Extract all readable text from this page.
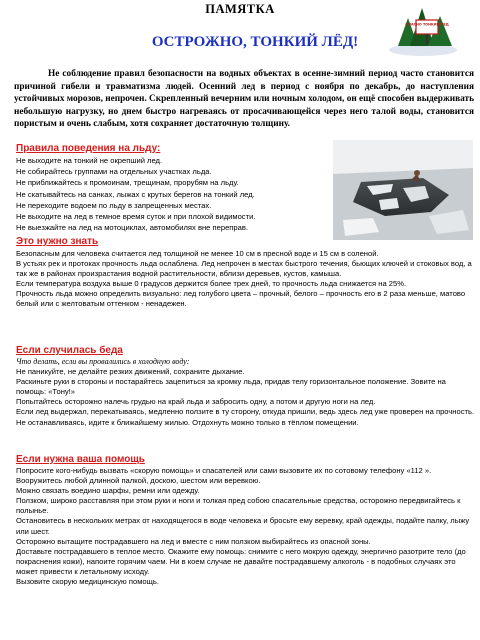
ПАМЯТКА
ОСТРОЖНО, ТОНКИЙ ЛЁД!
ОПАСНО ТОНКИЙ ЛЕД
Не соблюдение правил безопасности на водных объектах в осенне-зимний период часто становится причиной гибели и травматизма людей. Осенний лед в период с ноября по декабрь, до наступления устойчивых морозов, непрочен. Скрепленный вечерним или ночным холодом, он ещё способен выдерживать небольшую нагрузку, но днем быстро нагреваясь от просачивающейся через него талой воды, становится пористым и очень слабым, хотя сохраняет достаточную толщину.
Правила поведения на льду:
Не выходите на тонкий не окрепший лед.
Не собирайтесь группами на отдельных участках льда.
Не приближайтесь к промоинам, трещинам, прорубям на льду.
Не скатывайтесь на санках, лыжах с крутых берегов на тонкий лед.
Не переходите водоем по льду в запрещенных местах.
Не выходите на лед в темное время суток и при плохой видимости.
Не выезжайте на лед на мотоциклах, автомобилях вне переправ.
Это нужно знать

Безопасным для человека считается лед толщиной не менее 10 см в пресной воде и 15 см в соленой.

В устьях рек и протоках прочность льда ослаблена. Лед непрочен в местах быстрого течения, бьющих ключей и стоковых вод, а так же в районах произрастания водной растительности, вблизи деревьев, кустов, камыша.

Если температура воздуха выше 0 градусов держится более трех дней, то прочность льда снижается на 25%.

Прочность льда можно определить визуально: лед голубого цвета – прочный, белого – прочность его в 2 раза меньше, матово белый или с желтоватым оттенком - ненадежен.

Если случилась беда

Что делать, если вы провалились в холодную воду:

Не паникуйте, не делайте резких движений, сохраните дыхание.

Раскиньте руки в стороны и постарайтесь зацепиться за кромку льда, придав телу горизонтальное положение. Зовите на помощь: «Тону!»

Попытайтесь осторожно налечь грудью на край льда и забросить одну, а потом и другую ноги на лед.

Если лед выдержал, перекатываясь, медленно ползите в ту сторону, откуда пришли, ведь здесь лед уже проверен на прочность.

Не останавливаясь, идите к ближайшему жилью. Отдохнуть можно только в тёплом помещении.

Если нужна ваша помощь

Попросите кого-нибудь вызвать «скорую помощь» и спасателей или сами вызовите их по сотовому телефону «112 ».

Вооружитесь любой длинной палкой, доскою, шестом или веревкою.

Можно связать воедино шарфы, ремни или одежду.

Ползком, широко расставляя при этом руки и ноги и толкая пред собою спасательные средства, осторожно передвигайтесь к полынье.

Остановитесь в нескольких метрах от находящегося в воде человека и бросьте ему веревку, край одежды, подайте палку, лыжу или шест.

Осторожно вытащите пострадавшего на лед и вместе с ним ползком выбирайтесь из опасной зоны.

Доставьте пострадавшего в теплое место. Окажите ему помощь: снимите с него мокрую одежду, энергично разотрите тело (до покраснения кожи), напоите горячим чаем. Ни в коем случае не давайте пострадавшему алкоголь - в подобных случаях это может привести к летальному исходу.

Вызовите скорую медицинскую помощь.
